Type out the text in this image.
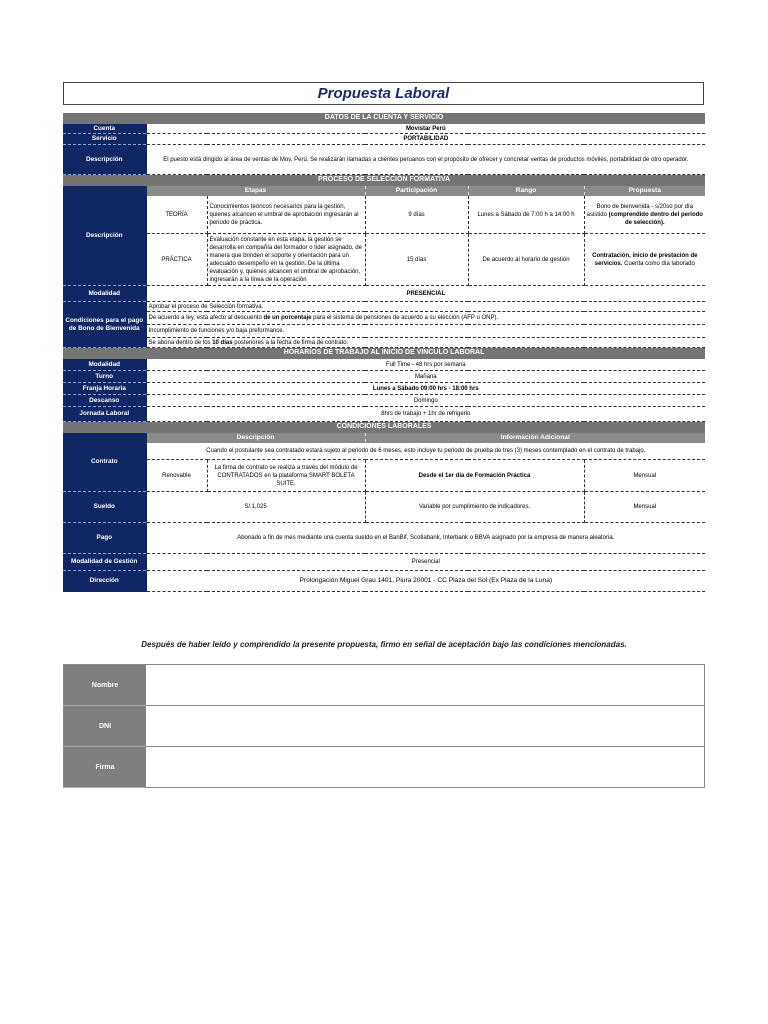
Propuesta Laboral
DATOS DE LA CUENTA Y SERVICIO					
Cuenta	Movistar Perú				
Servicio	PORTABILIDAD				
Descripción	El puesto está dirigido al área de ventas de Mov. Perú. Se realizarán llamadas a clientes peruanos con el propósito de ofrecer y concretar ventas de productos móviles, portabilidad de otro operador.				
PROCESO DE SELECCIÓN FORMATIVA					
Descripción	Etapas		Participación	Rango	Propuesta
	TEORÍA	Conocimientos teóricos necesarios para la gestión, quienes alcancen el umbral de aprobación ingresarán al periodo de práctica.	9 días	Lunes a Sábado de 7:00 h a 14:00 h	Bono de bienvenida - s/20so por día asistido (comprendido dentro del periodo de selección).
	PRÁCTICA	Evaluación constante en esta etapa, la gestión se desarrolla en compañía del formador o líder asignado, de manera que brinden el soporte y orientación para un adecuado desempeño en la gestión. De la última evaluación y, quienes alcancen el umbral de aprobación, ingresarán a la línea de la operación	15 días	De acuerdo al horario de gestión	Contratación, inicio de prestación de servicios. Cuenta como día laborado
Modalidad	PRESENCIAL				
Condiciones para el pago de Bono de Bienvenida	Aprobar el proceso de Selección formativa.				
	De acuerdo a ley, está afecto al descuento de un porcentaje para el sistema de pensiones de acuerdo a su elección (AFP u ONP).				
	Incumplimiento de funciones y/o baja preformance.				
	Se abona dentro de los 10 días posteriores a la fecha de firma de contrato.				
HORARIOS DE TRABAJO AL INICIO DE VINCULO LABORAL					
Modalidad	Full Time - 48 hrs por semana				
Turno	Mañana				
Franja Horaria	Lunes a Sábado 09:00 hrs - 18:00 hrs				
Descanso	Domingo				
Jornada Laboral	8hrs de trabajo + 1hr de refrigerio				
CONDICIONES LABORALES					
Contrato	Descripción		Información Adicional		
	Cuando el postulante sea contratado estará sujeto al periodo de 6 meses, esto incluye tu periodo de prueba de tres (3) meses contemplado en el contrato de trabajo.				
	Renovable	La firma de contrato se realiza a través del módulo de CONTRATADOS en la plataforma SMART BOLETA SUITE.	Desde el 1er día de Formación Práctica		Mensual
Sueldo	S/.1,025		Variable por cumplimiento de indicadores.		Mensual
Pago	Abonado a fin de mes mediante una cuenta sueldo en el BanBif, Scotiabank, Interbank o BBVA asignado por la empresa de manera aleatoria.				
Modalidad de Gestión	Presencial				
Dirección	Prolongación Miguel Grau 1401, Piura 20001 - CC Plaza del Sol (Ex Plaza de la Luna)				
Después de haber leído y comprendido la presente propuesta, firmo en señal de aceptación bajo las condiciones mencionadas.
Nombre	
DNI	
Firma	
